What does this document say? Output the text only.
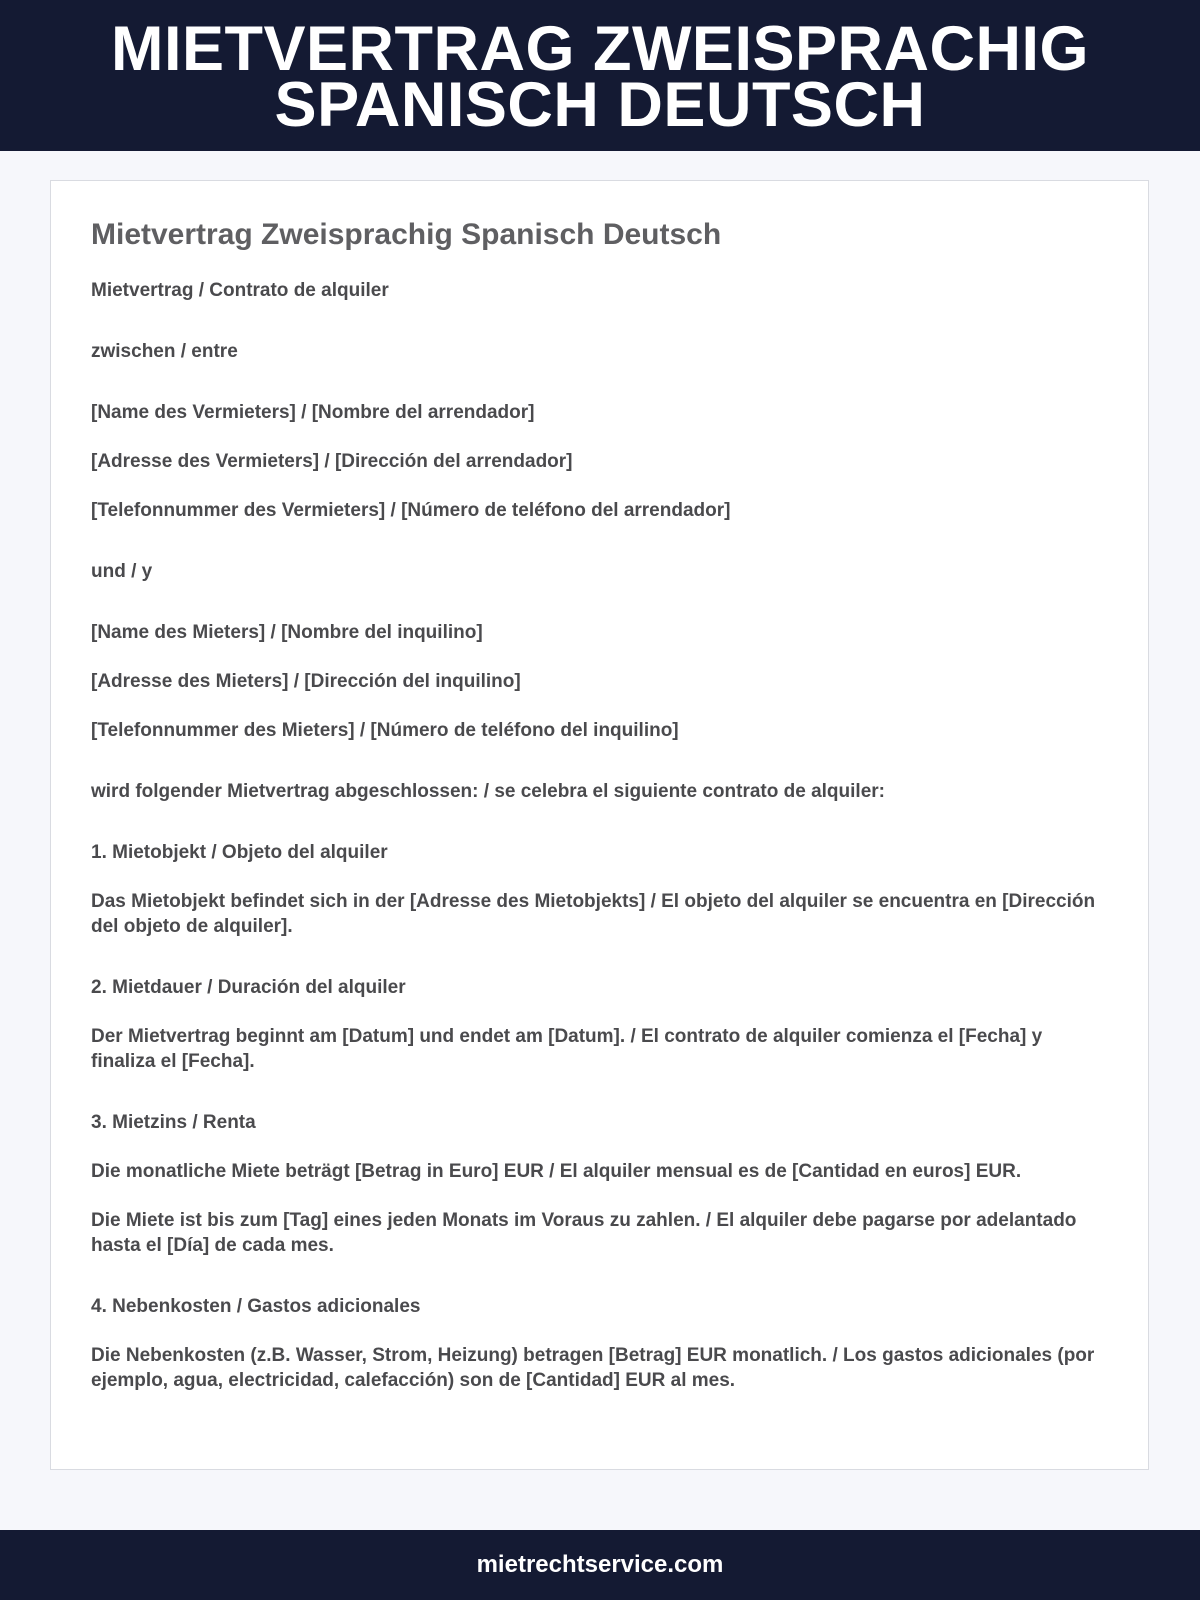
MIETVERTRAG ZWEISPRACHIG
SPANISCH DEUTSCH
Mietvertrag Zweisprachig Spanisch Deutsch

Mietvertrag / Contrato de alquiler

zwischen / entre

[Name des Vermieters] / [Nombre del arrendador]

[Adresse des Vermieters] / [Dirección del arrendador]

[Telefonnummer des Vermieters] / [Número de teléfono del arrendador]

und / y

[Name des Mieters] / [Nombre del inquilino]

[Adresse des Mieters] / [Dirección del inquilino]

[Telefonnummer des Mieters] / [Número de teléfono del inquilino]

wird folgender Mietvertrag abgeschlossen: / se celebra el siguiente contrato de alquiler:

1. Mietobjekt / Objeto del alquiler

Das Mietobjekt befindet sich in der [Adresse des Mietobjekts] / El objeto del alquiler se encuentra en [Dirección del objeto de alquiler].

2. Mietdauer / Duración del alquiler

Der Mietvertrag beginnt am [Datum] und endet am [Datum]. / El contrato de alquiler comienza el [Fecha] y finaliza el [Fecha].

3. Mietzins / Renta

Die monatliche Miete beträgt [Betrag in Euro] EUR / El alquiler mensual es de [Cantidad en euros] EUR.

Die Miete ist bis zum [Tag] eines jeden Monats im Voraus zu zahlen. / El alquiler debe pagarse por adelantado hasta el [Día] de cada mes.

4. Nebenkosten / Gastos adicionales

Die Nebenkosten (z.B. Wasser, Strom, Heizung) betragen [Betrag] EUR monatlich. / Los gastos adicionales (por ejemplo, agua, electricidad, calefacción) son de [Cantidad] EUR al mes.

mietrechtservice.com
